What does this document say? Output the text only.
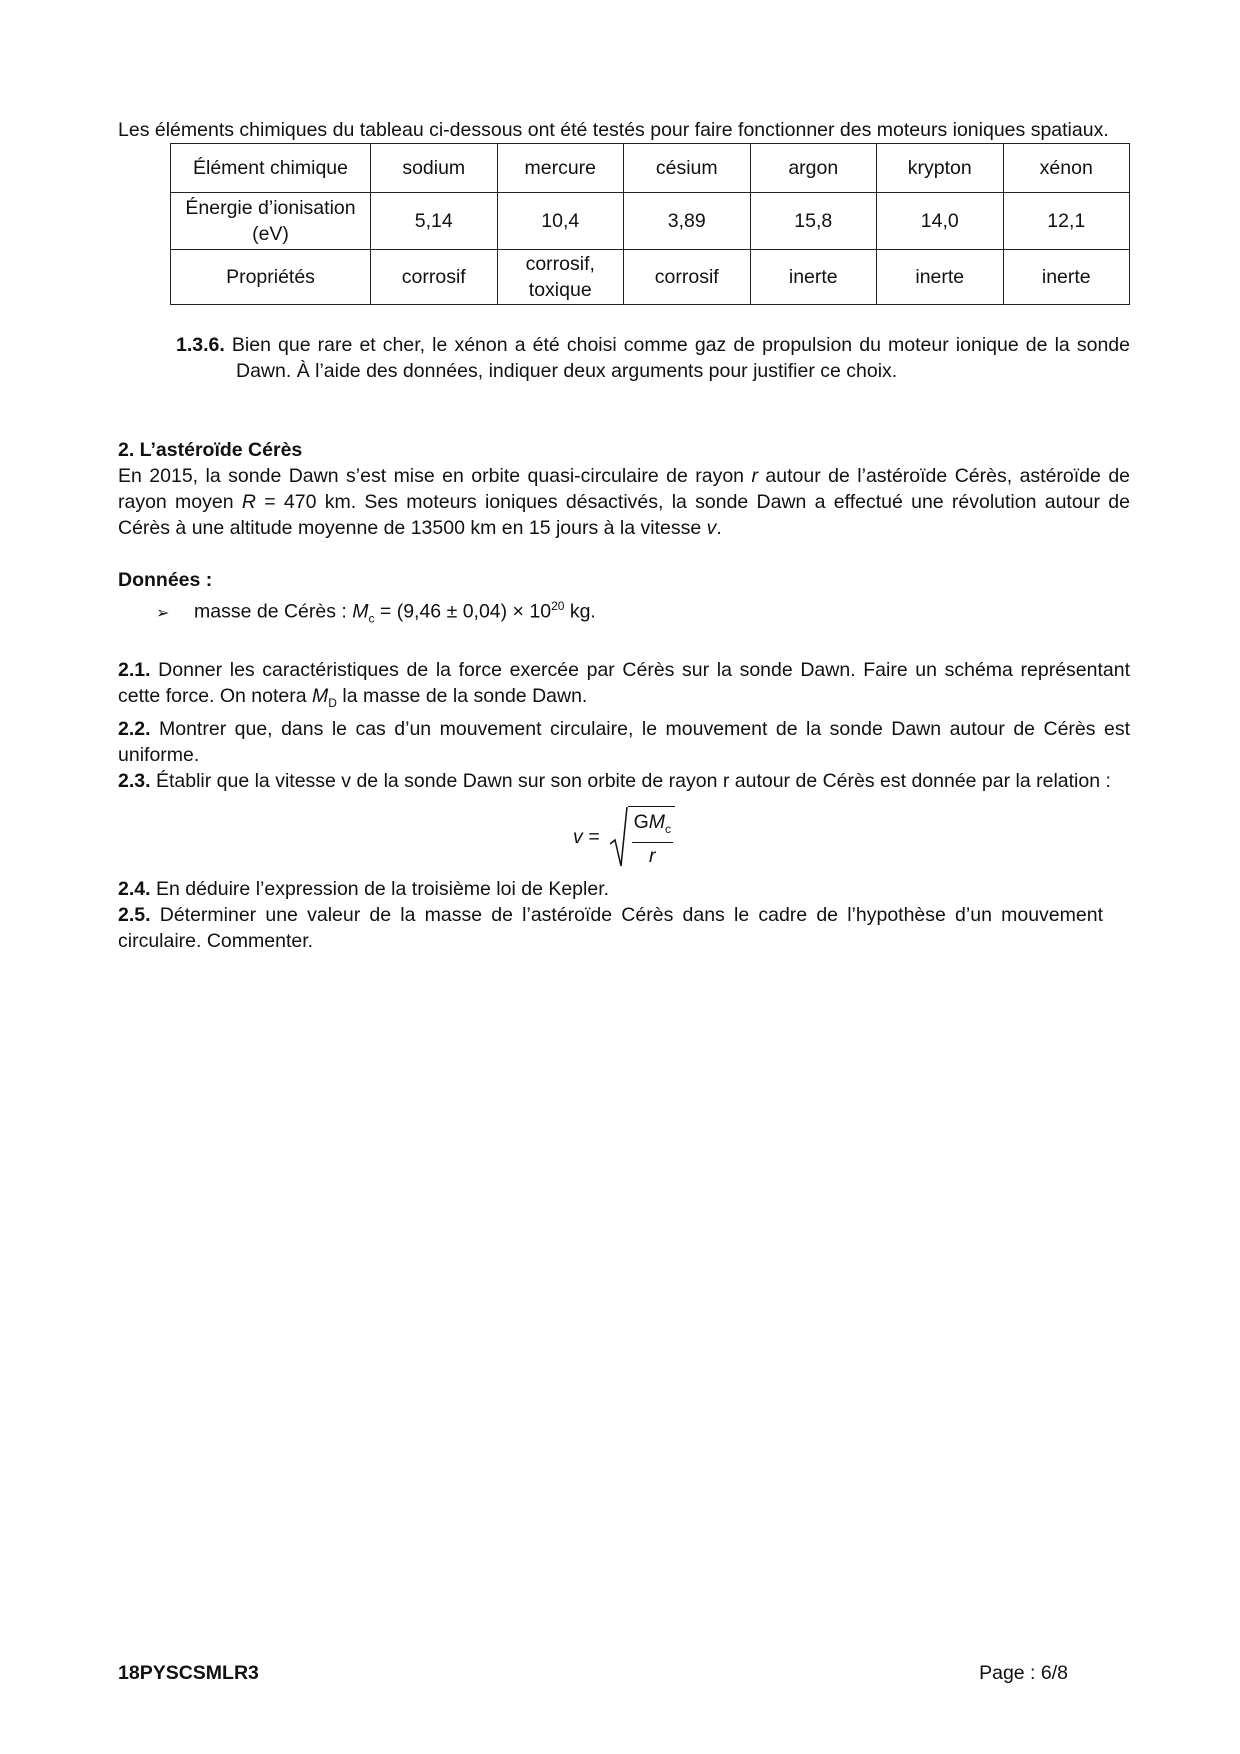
Les éléments chimiques du tableau ci-dessous ont été testés pour faire fonctionner des moteurs ioniques spatiaux.

Élément chimique	sodium	mercure	césium	argon	krypton	xénon
Énergie d’ionisation (eV)	5,14	10,4	3,89	15,8	14,0	12,1
Propriétés	corrosif	corrosif, toxique	corrosif	inerte	inerte	inerte

1.3.6. Bien que rare et cher, le xénon a été choisi comme gaz de propulsion du moteur ionique de la sonde Dawn. À l’aide des données, indiquer deux arguments pour justifier ce choix.

2. L’astéroïde Cérès

En 2015, la sonde Dawn s’est mise en orbite quasi-circulaire de rayon r autour de l’astéroïde Cérès, astéroïde de rayon moyen R = 470 km. Ses moteurs ioniques désactivés, la sonde Dawn a effectué une révolution autour de Cérès à une altitude moyenne de 13500 km en 15 jours à la vitesse v.

Données :

➢	masse de Cérès : $M_c = (9,46 \pm 0,04) \times 10^{20}$ kg.

2.1. Donner les caractéristiques de la force exercée par Cérès sur la sonde Dawn. Faire un schéma représentant cette force. On notera $M_D$ la masse de la sonde Dawn.

2.2. Montrer que, dans le cas d’un mouvement circulaire, le mouvement de la sonde Dawn autour de Cérès est uniforme.

2.3. Établir que la vitesse v de la sonde Dawn sur son orbite de rayon r autour de Cérès est donnée par la relation :

$v = \frac{GM_c}{r}$

2.4. En déduire l’expression de la troisième loi de Kepler.

2.5. Déterminer une valeur de la masse de l’astéroïde Cérès dans le cadre de l’hypothèse d’un mouvement circulaire. Commenter.

18PYSCSMLR3	Page : 6/8
